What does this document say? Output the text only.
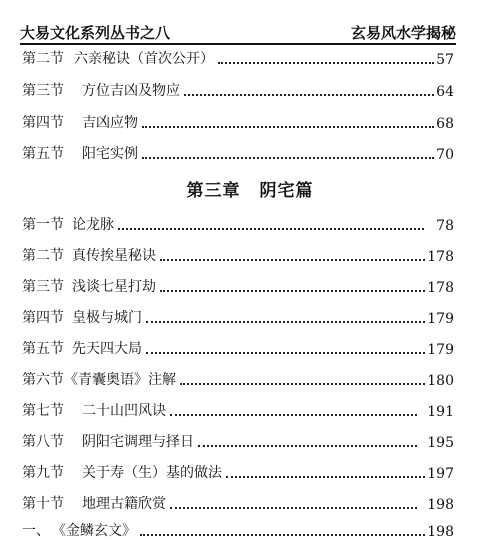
大易文化系列丛书之八	玄易风水学揭秘
第二节 六亲秘诀（首次公开）	57
第三节 方位吉凶及物应	64
第四节 吉凶应物	68
第五节 阳宅实例	70
第三章 阴宅篇
第一节 论龙脉	78
第二节 真传挨星秘诀	178
第三节 浅谈七星打劫	178
第四节 皇极与城门	179
第五节 先天四大局	179
第六节 《青囊奥语》注解	180
第七节 二十山凹风诀	191
第八节 阴阳宅调理与择日	195
第九节 关于寿（生）基的做法	197
第十节 地理古籍欣赏	198
一、 《金鳞玄文》	198
